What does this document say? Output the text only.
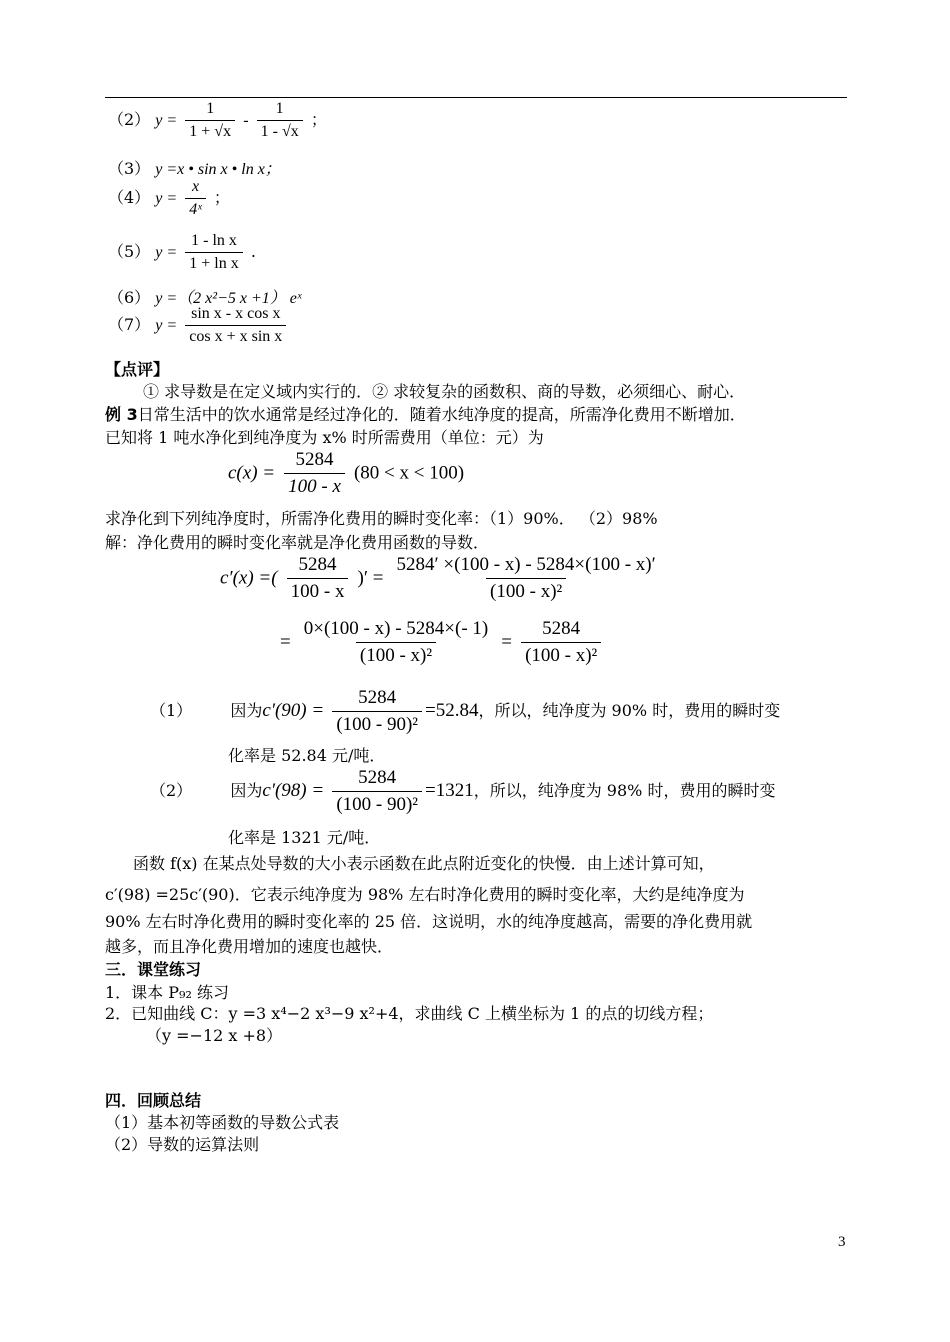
（2） $y = \frac{1}{1 + √x} - \frac{1}{1 - √x}$ ；
（3） y =x • sin x • ln x；
（4） $y = \frac{x}{\text{4ˣ}}$ ；
（5） $y = \frac{\text{1 - ln x}}{\text{1 + ln x}}$ .
（6） y =（2 x²−5 x +1） eˣ
（7） $y = \frac{\text{sin x - x cos x}}{\text{cos x + x sin x}}$
【点评】
① 求导数是在定义域内实行的．② 求较复杂的函数积、商的导数，必须细心、耐心．
例 3日常生活中的饮水通常是经过净化的．随着水纯净度的提高，所需净化费用不断增加．
已知将 1 吨水净化到纯净度为 x% 时所需费用（单位：元）为
$c(x) = \frac{5284}{100 - x} (80 < x < 100)$
求净化到下列纯净度时，所需净化费用的瞬时变化率：（1）90%． （2）98%
解：净化费用的瞬时变化率就是净化费用函数的导数．
c′(x) =( $\frac{5284}{100 - x}$ )′ = $\frac{5284' \times(100 - x) - 5284\times(100 - x)'}{\text{(100 - x)²}}$
= $\frac{0\times(100 - x) - 5284\times(- 1)}{\text{(100 - x)²}} = \frac{5284}{\text{(100 - x)²}}$
（1） 因为$c'(90) = \frac{5284}{\text{(100 - 90)²}} =52.84$，所以，纯净度为 90% 时，费用的瞬时变
化率是 52.84 元/吨．
（2） 因为$c'(98) = \frac{5284}{\text{(100 - 90)²}} =1321$，所以，纯净度为 98% 时，费用的瞬时变
化率是 1321 元/吨．
函数 f(x) 在某点处导数的大小表示函数在此点附近变化的快慢．由上述计算可知，
c′(98) =25c′(90)．它表示纯净度为 98% 左右时净化费用的瞬时变化率，大约是纯净度为
90% 左右时净化费用的瞬时变化率的 25 倍．这说明，水的纯净度越高，需要的净化费用就
越多，而且净化费用增加的速度也越快．
三．课堂练习
1．课本 P₉₂ 练习
2．已知曲线 C：y =3 x⁴−2 x³−9 x²+4，求曲线 C 上横坐标为 1 的点的切线方程；
（y =−12 x +8）
四．回顾总结
（1）基本初等函数的导数公式表
（2）导数的运算法则
3
